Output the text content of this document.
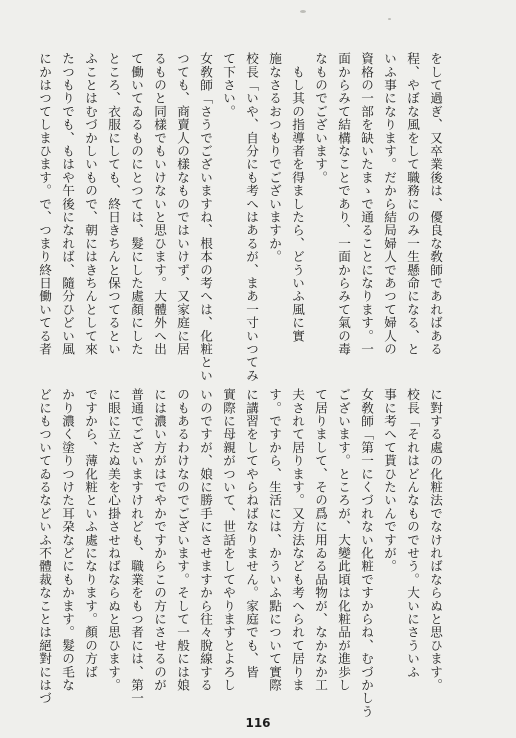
をして過ぎ、又卒業後は、優良な敎師であればある
程、やぼな風をして職務にのみ一生懸命になる、と
いふ事になります。だから結局婦人であつて婦人の
資格の一部を缺いたまゝで通ることになります。一
面からみて結構なことであり、一面からみて氣の毒
なものでございます。
　もし其の指導者を得ましたら、どういふ風に實
施なさるおつもりでございますか。
校長「いや、自分にも考へはあるが、まあ一寸いつてみ
て下さい。
女敎師「さうでございますね、根本の考へは、化粧とい
つても、商賣人の樣なものではいけず、又家庭に居
るものと同樣でもいけないと思ひます。大體外へ出
て働いてゐるものにとつては、髮にした處顏にした
ところ、衣服にしても、終日きちんと保つてるとい
ふことはむづかしいもので、朝にはきちんとして來
たつもりでも、もはや午後になれば、隨分ひどい風
にかはつてしまひます。で、つまり終日働いてる者
に對する處の化粧法でなければならぬと思ひます。
校長「それはどんなものでせう。大いにさういふ
事に考へて貰ひたいんですが。
女敎師「第一にくづれない化粧ですからね、むづかしう
ございます。ところが、大變此頃は化粧品が進歩し
て居りまして、その爲に用ゐる品物が、なかなか工
夫されて居ります。又方法なども考へられて居りま
す。ですから、生活には、かういふ點について實際
に講習をしてやらねばなりません。家庭でも、皆
實際に母親がついて、世話をしてやりますとよろし
いのですが、娘に勝手にさせますから往々脫線する
のもあるわけなのでございます。そして一般には娘
には濃い方がはでやかですからこの方にさせるのが
普通でございますけれども、職業をもつ者には、第一
に眼に立たぬ美を心掛させねばならぬと思ひます。
ですから、薄化粧といふ處になります。顏の方ば
かり濃く塗りつけた耳朶などにもかます。髮の毛な
どにもついてゐるなどいふ不體裁なことは絕對にはづ
116
